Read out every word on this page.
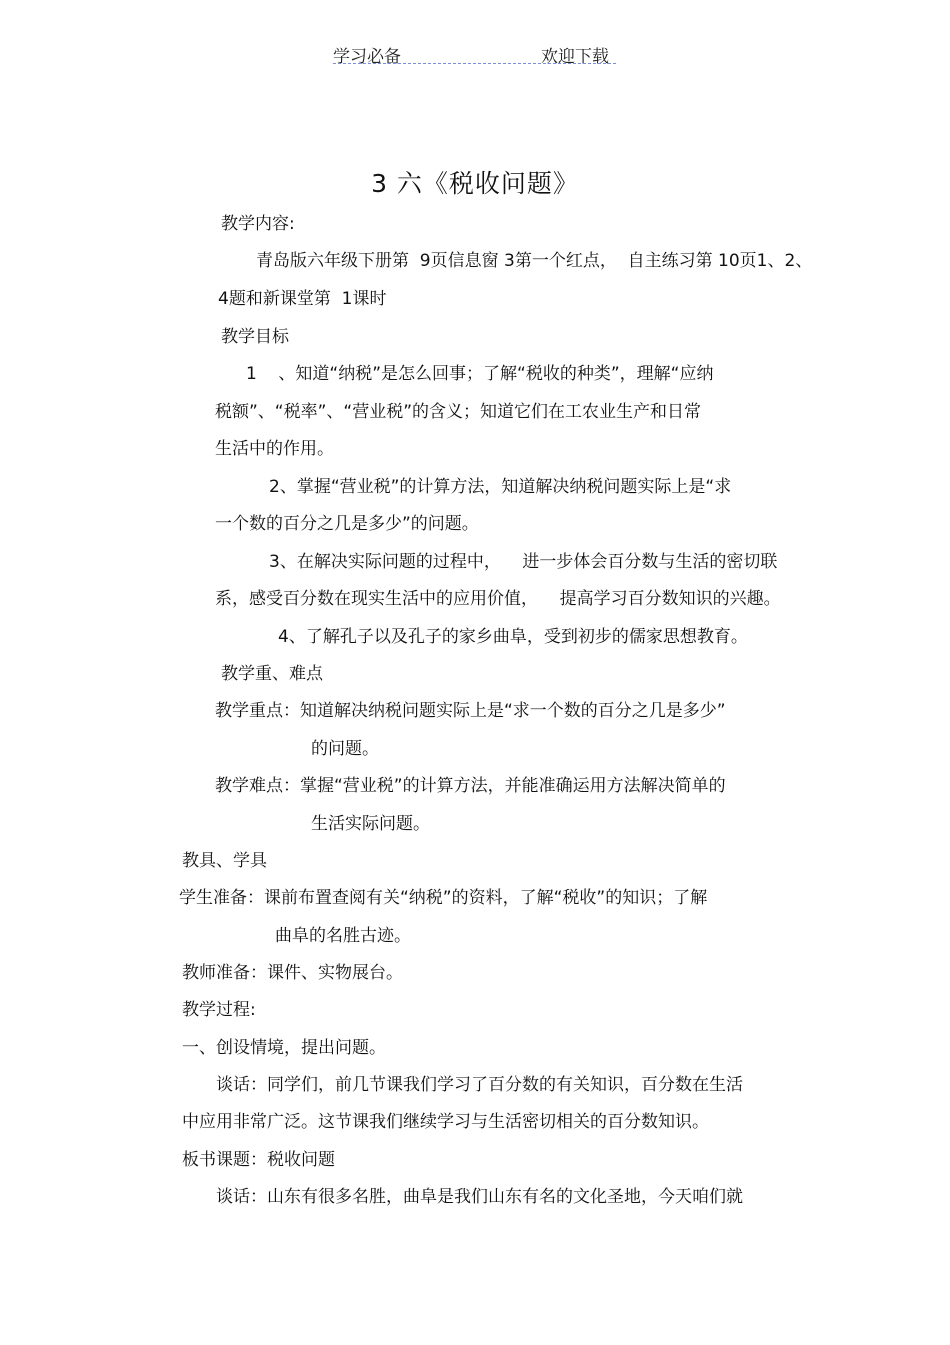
学习必备	欢迎下载
3 六《税收问题》
教学内容:
青岛版六年级下册第  9页信息窗 3第一个红点，  自主练习第 10页1、2、
4题和新课堂第  1课时
教学目标
1    、知道“纳税”是怎么回事；了解“税收的种类”，理解“应纳
税额”、“税率”、“营业税”的含义；知道它们在工农业生产和日常
生活中的作用。
2、掌握“营业税”的计算方法，知道解决纳税问题实际上是“求
一个数的百分之几是多少”的问题。
3、在解决实际问题的过程中，    进一步体会百分数与生活的密切联
系，感受百分数在现实生活中的应用价值，    提高学习百分数知识的兴趣。
4、了解孔子以及孔子的家乡曲阜，受到初步的儒家思想教育。
教学重、难点
教学重点：知道解决纳税问题实际上是“求一个数的百分之几是多少”
的问题。
教学难点：掌握“营业税”的计算方法，并能准确运用方法解决简单的
生活实际问题。
教具、学具
学生准备：课前布置查阅有关“纳税”的资料，了解“税收”的知识；了解
曲阜的名胜古迹。
教师准备：课件、实物展台。
教学过程:
一、创设情境，提出问题。
谈话：同学们，前几节课我们学习了百分数的有关知识，百分数在生活
中应用非常广泛。这节课我们继续学习与生活密切相关的百分数知识。
板书课题：税收问题
谈话：山东有很多名胜，曲阜是我们山东有名的文化圣地，今天咱们就
